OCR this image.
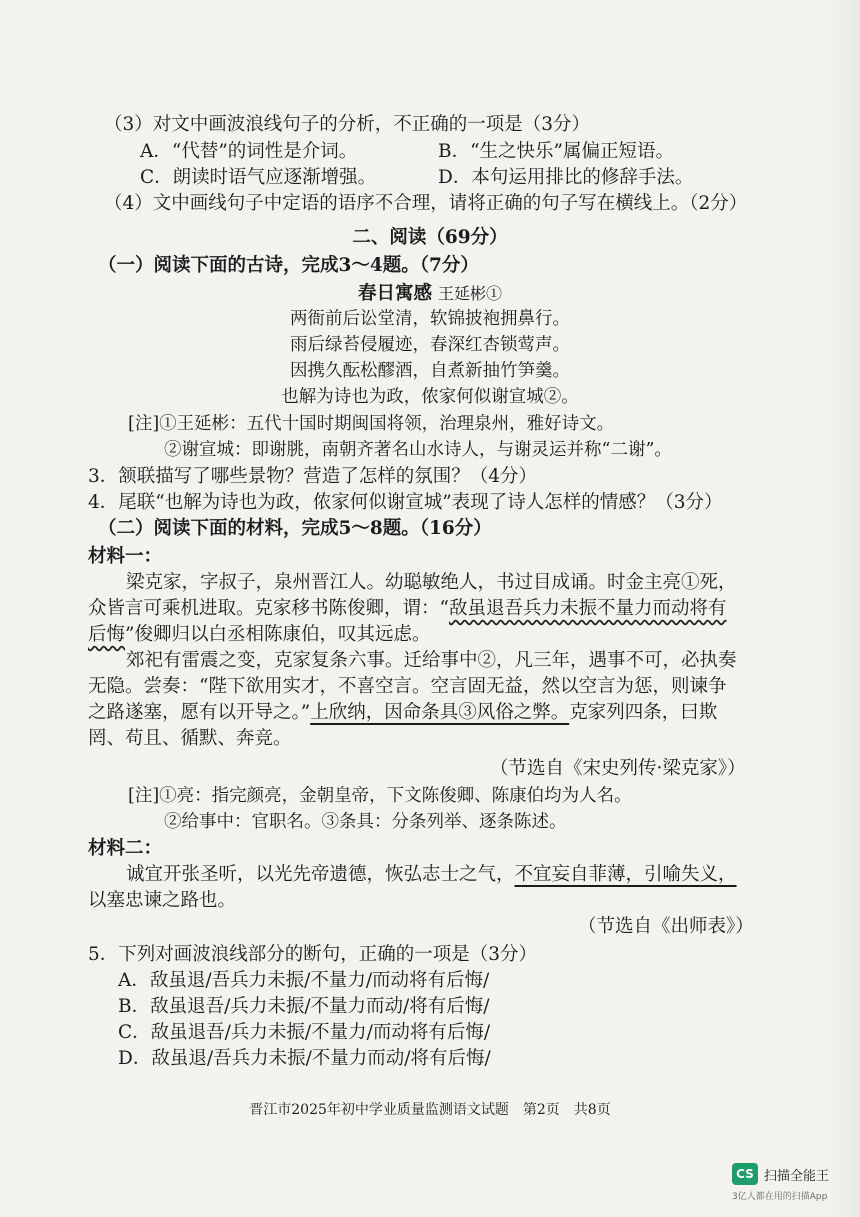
（3）对文中画波浪线句子的分析，不正确的一项是（3分）
A．“代替”的词性是介词。	B．“生之快乐”属偏正短语。
C．朗读时语气应逐渐增强。	D．本句运用排比的修辞手法。
（4）文中画线句子中定语的语序不合理，请将正确的句子写在横线上。（2分）
二、阅读（69分）
（一）阅读下面的古诗，完成3～4题。（7分）
春日寓感 王延彬①
两衙前后讼堂清，软锦披袍拥鼻行。
雨后绿苔侵履迹，春深红杏锁莺声。
因携久酝松醪酒，自煮新抽竹笋羹。
也解为诗也为政，侬家何似谢宣城②。
[注]①王延彬：五代十国时期闽国将领，治理泉州，雅好诗文。
②谢宣城：即谢朓，南朝齐著名山水诗人，与谢灵运并称“二谢”。
3．颔联描写了哪些景物？营造了怎样的氛围？（4分）
4．尾联“也解为诗也为政，侬家何似谢宣城”表现了诗人怎样的情感？（3分）
（二）阅读下面的材料，完成5～8题。（16分）
材料一：
梁克家，字叔子，泉州晋江人。幼聪敏绝人，书过目成诵。时金主亮①死，
众皆言可乘机进取。克家移书陈俊卿，谓：“敌虽退吾兵力未振不量力而动将有
后悔”俊卿归以白丞相陈康伯，叹其远虑。
郊祀有雷震之变，克家复条六事。迁给事中②，凡三年，遇事不可，必执奏
无隐。尝奏：“陛下欲用实才，不喜空言。空言固无益，然以空言为惩，则谏争
之路遂塞，愿有以开导之。”上欣纳，因命条具③风俗之弊。克家列四条，曰欺
罔、苟且、循默、奔竞。
（节选自《宋史列传·梁克家》）
[注]①亮：指完颜亮，金朝皇帝，下文陈俊卿、陈康伯均为人名。
②给事中：官职名。③条具：分条列举、逐条陈述。
材料二：
诚宜开张圣听，以光先帝遗德，恢弘志士之气，不宜妄自菲薄，引喻失义，
以塞忠谏之路也。
（节选自《出师表》）
5．下列对画波浪线部分的断句，正确的一项是（3分）
A．敌虽退/吾兵力未振/不量力/而动将有后悔/
B．敌虽退吾/兵力未振/不量力而动/将有后悔/
C．敌虽退吾/兵力未振/不量力/而动将有后悔/
D．敌虽退/吾兵力未振/不量力而动/将有后悔/
晋江市2025年初中学业质量监测语文试题　第2页　共8页
CS 扫描全能王
3亿人都在用的扫描App
